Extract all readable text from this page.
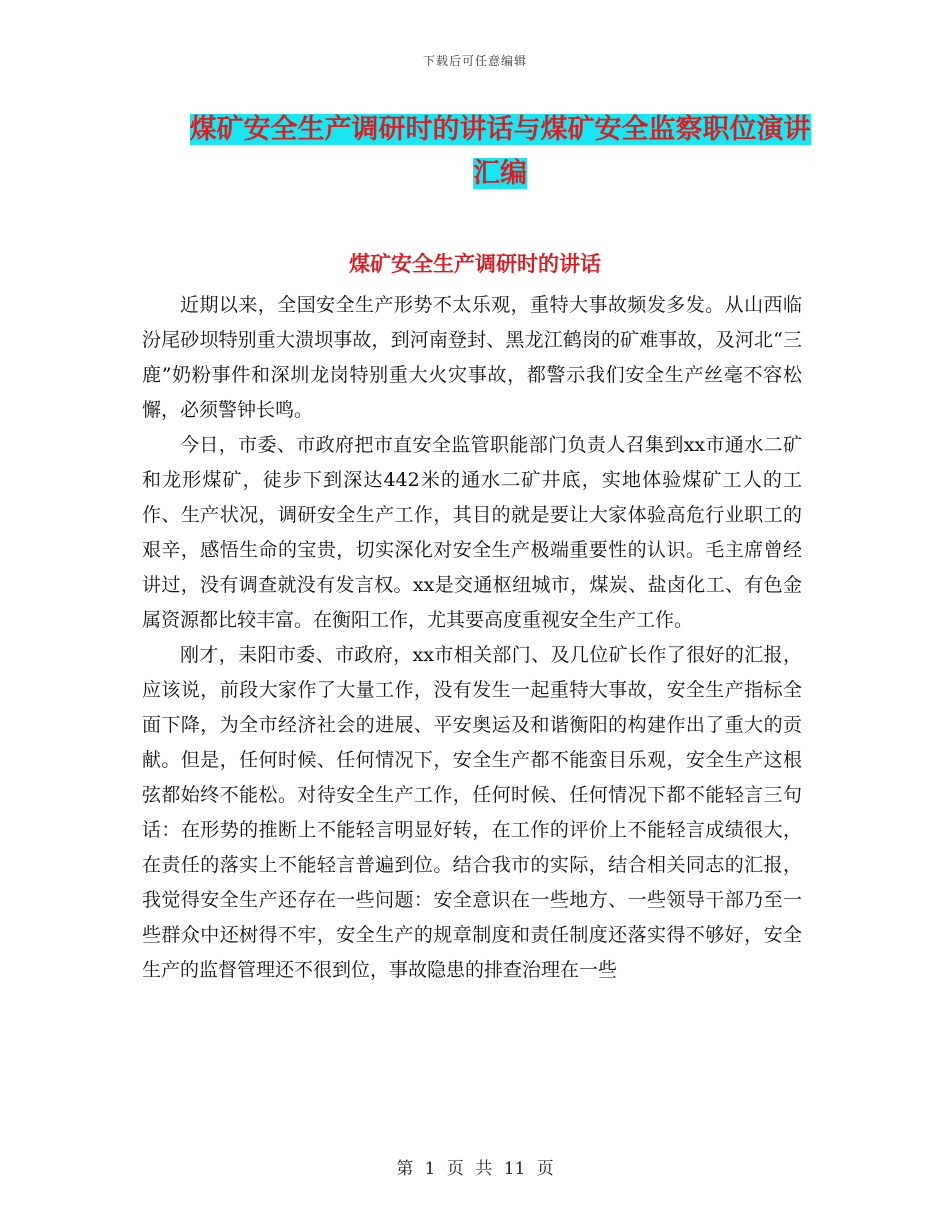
下载后可任意编辑
煤矿安全生产调研时的讲话与煤矿安全监察职位演讲
汇编
煤矿安全生产调研时的讲话

近期以来，全国安全生产形势不太乐观，重特大事故频发多发。从山西临汾尾砂坝特别重大溃坝事故，到河南登封、黑龙江鹤岗的矿难事故，及河北“三鹿”奶粉事件和深圳龙岗特别重大火灾事故，都警示我们安全生产丝毫不容松懈，必须警钟长鸣。

今日，市委、市政府把市直安全监管职能部门负责人召集到xx市通水二矿和龙形煤矿，徒步下到深达442米的通水二矿井底，实地体验煤矿工人的工作、生产状况，调研安全生产工作，其目的就是要让大家体验高危行业职工的艰辛，感悟生命的宝贵，切实深化对安全生产极端重要性的认识。毛主席曾经讲过，没有调查就没有发言权。xx是交通枢纽城市，煤炭、盐卤化工、有色金属资源都比较丰富。在衡阳工作，尤其要高度重视安全生产工作。

刚才，耒阳市委、市政府，xx市相关部门、及几位矿长作了很好的汇报，应该说，前段大家作了大量工作，没有发生一起重特大事故，安全生产指标全面下降，为全市经济社会的进展、平安奥运及和谐衡阳的构建作出了重大的贡献。但是，任何时候、任何情况下，安全生产都不能蛮目乐观，安全生产这根弦都始终不能松。对待安全生产工作，任何时候、任何情况下都不能轻言三句话：在形势的推断上不能轻言明显好转，在工作的评价上不能轻言成绩很大，在责任的落实上不能轻言普遍到位。结合我市的实际，结合相关同志的汇报，我觉得安全生产还存在一些问题：安全意识在一些地方、一些领导干部乃至一些群众中还树得不牢，安全生产的规章制度和责任制度还落实得不够好，安全生产的监督管理还不很到位，事故隐患的排查治理在一些

第 1 页 共 11 页
